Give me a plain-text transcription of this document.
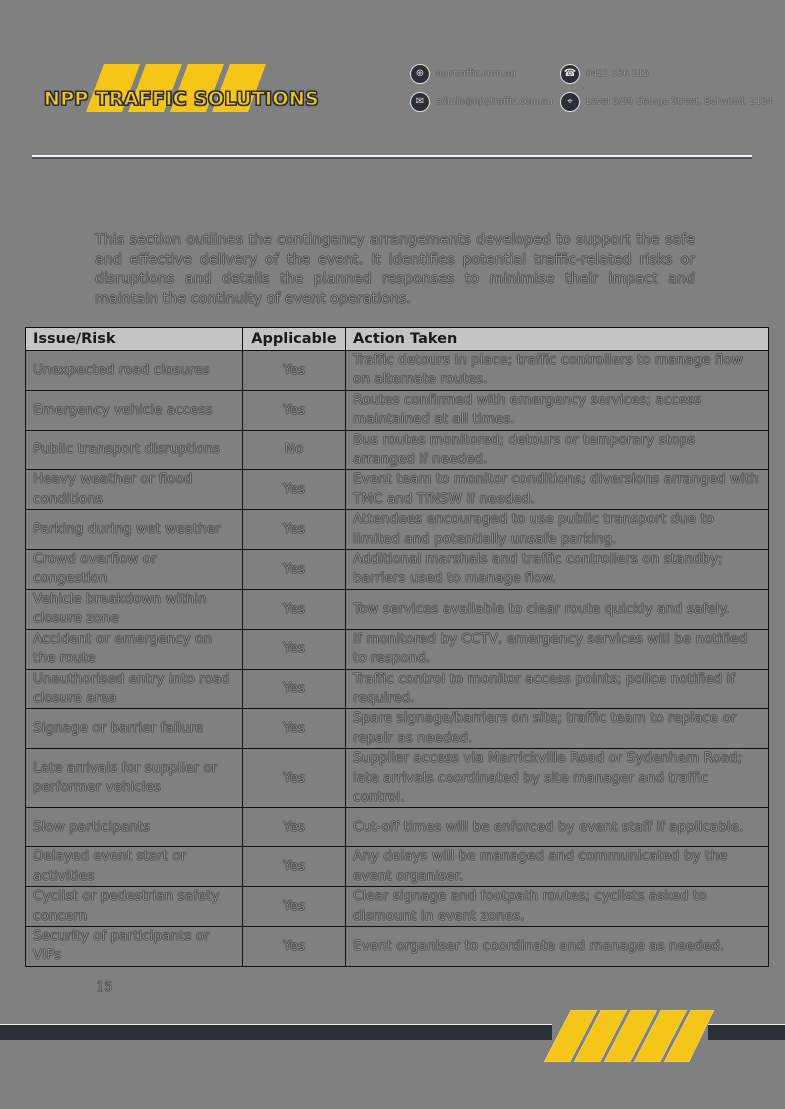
NPP TRAFFIC SOLUTIONS
⊕	npptraffic.com.au	☎	0421 536 115
✉	admin@npptraffic.com.au	⌖	Level 5/20 George Street, Burwood, 2134

This section outlines the contingency arrangements developed to support the safe and effective delivery of the event. It identifies potential traffic-related risks or disruptions and details the planned responses to minimise their impact and maintain the continuity of event operations.

Issue/Risk	Applicable	Action Taken
Unexpected road closures	Yes	Traffic detours in place; traffic controllers to manage flow on alternate routes.
Emergency vehicle access	Yes	Routes confirmed with emergency services; access maintained at all times.
Public transport disruptions	No	Bus routes monitored; detours or temporary stops arranged if needed.
Heavy weather or flood conditions	Yes	Event team to monitor conditions; diversions arranged with TMC and TfNSW if needed.
Parking during wet weather	Yes	Attendees encouraged to use public transport due to limited and potentially unsafe parking.
Crowd overflow or congestion	Yes	Additional marshals and traffic controllers on standby; barriers used to manage flow.
Vehicle breakdown within closure zone	Yes	Tow services available to clear route quickly and safely.
Accident or emergency on the route	Yes	If monitored by CCTV, emergency services will be notified to respond.
Unauthorised entry into road closure area	Yes	Traffic control to monitor access points; police notified if required.
Signage or barrier failure	Yes	Spare signage/barriers on site; traffic team to replace or repair as needed.
Late arrivals for supplier or performer vehicles	Yes	Supplier access via Marrickville Road or Sydenham Road; late arrivals coordinated by site manager and traffic control.
Slow participants	Yes	Cut-off times will be enforced by event staff if applicable.
Delayed event start or activities	Yes	Any delays will be managed and communicated by the event organiser.
Cyclist or pedestrian safety concern	Yes	Clear signage and footpath routes; cyclists asked to dismount in event zones.
Security of participants or VIPs	Yes	Event organiser to coordinate and manage as needed.
15
